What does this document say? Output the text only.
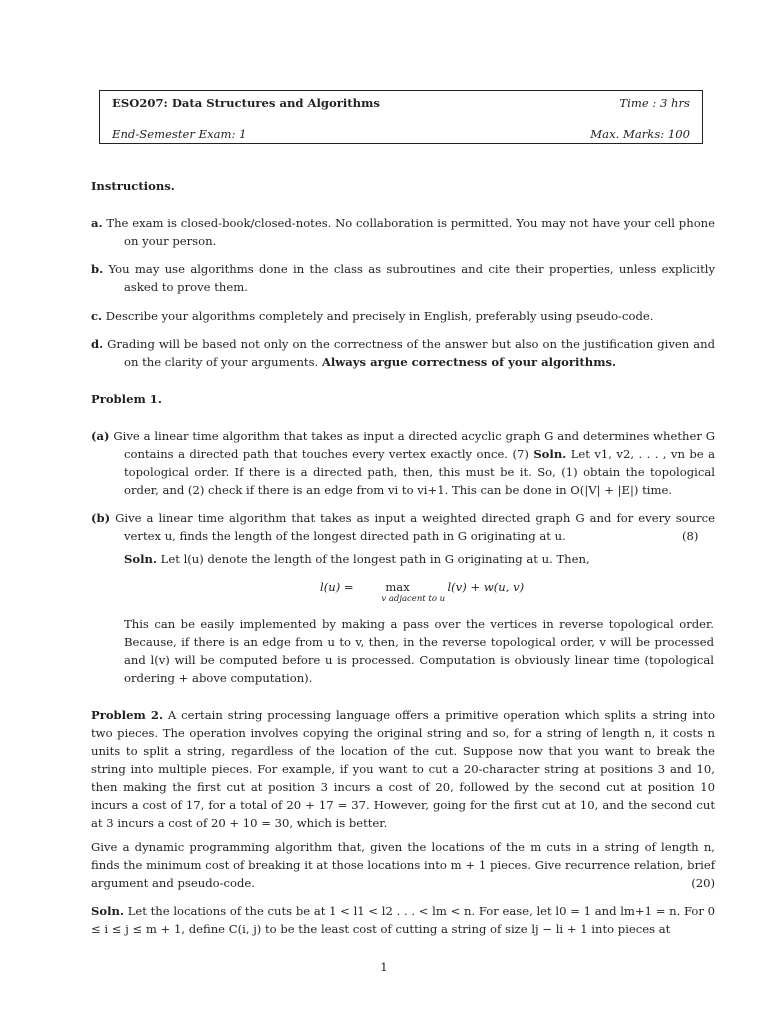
ESO207: Data Structures and Algorithms	Time : 3 hrs
End-Semester Exam: 1	Max. Marks: 100
Instructions.
a. The exam is closed-book/closed-notes. No collaboration is permitted. You may not have your cell phone on your person.
b. You may use algorithms done in the class as subroutines and cite their properties, unless explicitly asked to prove them.
c. Describe your algorithms completely and precisely in English, preferably using pseudo-code.
d. Grading will be based not only on the correctness of the answer but also on the justification given and on the clarity of your arguments. Always argue correctness of your algorithms.
Problem 1.
(a) Give a linear time algorithm that takes as input a directed acyclic graph G and determines whether G contains a directed path that touches every vertex exactly once. (7) Soln. Let v1, v2, . . . , vn be a topological order. If there is a directed path, then, this must be it. So, (1) obtain the topological order, and (2) check if there is an edge from vi to vi+1. This can be done in O(|V| + |E|) time.
(b) Give a linear time algorithm that takes as input a weighted directed graph G and for every source vertex u, finds the length of the longest directed path in G originating at u.	(8)
Soln. Let l(u) denote the length of the longest path in G originating at u. Then,
l(u) =	max
v adjacent to u
l(v) + w(u, v)
This can be easily implemented by making a pass over the vertices in reverse topological order. Because, if there is an edge from u to v, then, in the reverse topological order, v will be processed and l(v) will be computed before u is processed. Computation is obviously linear time (topological ordering + above computation).
Problem 2. A certain string processing language offers a primitive operation which splits a string into two pieces. The operation involves copying the original string and so, for a string of length n, it costs n units to split a string, regardless of the location of the cut. Suppose now that you want to break the string into multiple pieces. For example, if you want to cut a 20-character string at positions 3 and 10, then making the first cut at position 3 incurs a cost of 20, followed by the second cut at position 10 incurs a cost of 17, for a total of 20 + 17 = 37. However, going for the first cut at 10, and the second cut at 3 incurs a cost of 20 + 10 = 30, which is better.
Give a dynamic programming algorithm that, given the locations of the m cuts in a string of length n, finds the minimum cost of breaking it at those locations into m + 1 pieces. Give recurrence relation, brief argument and pseudo-code.	(20)
Soln. Let the locations of the cuts be at 1 < l1 < l2 . . . < lm < n. For ease, let l0 = 1 and lm+1 = n. For 0 ≤ i ≤ j ≤ m + 1, define C(i, j) to be the least cost of cutting a string of size lj − li + 1 into pieces at
1
